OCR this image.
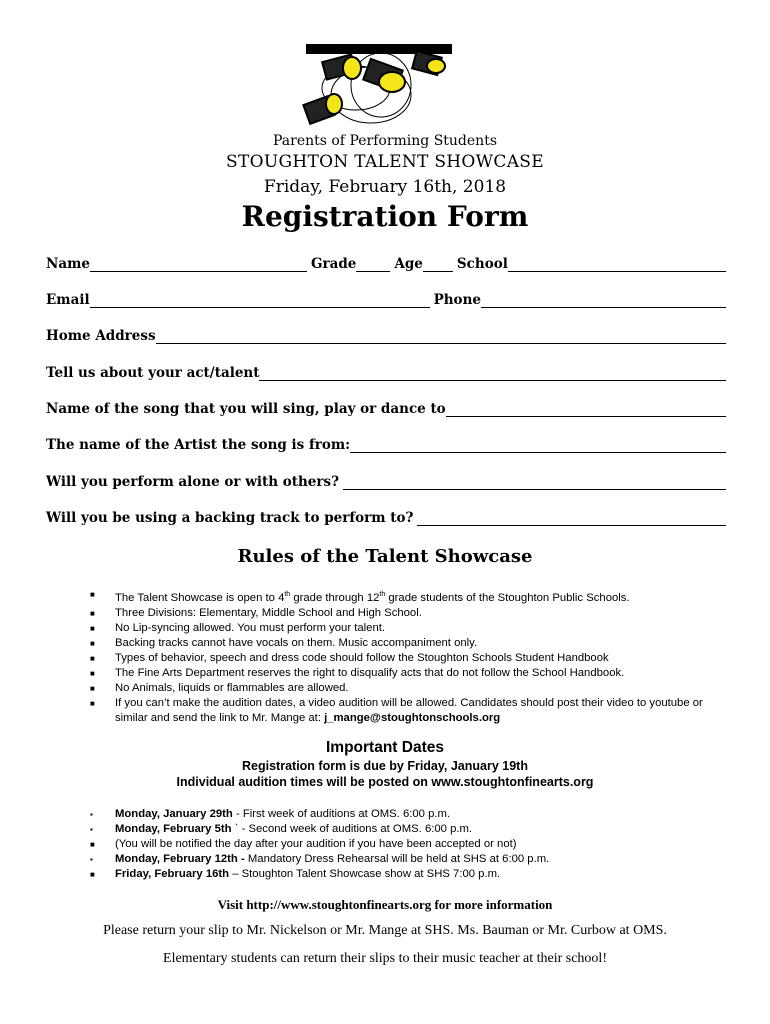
Parents of Performing Students
STOUGHTON TALENT SHOWCASE
Friday, February 16th, 2018
Registration Form
Name	Grade	Age	School
Email	Phone
Home Address
Tell us about your act/talent
Name of the song that you will sing, play or dance to
The name of the Artist the song is from:
Will you perform alone or with others?
Will you be using a backing track to perform to?
Rules of the Talent Showcase
■ The Talent Showcase is open to 4th grade through 12th grade students of the Stoughton Public Schools.
■ Three Divisions: Elementary, Middle School and High School.
■ No Lip-syncing allowed. You must perform your talent.
■ Backing tracks cannot have vocals on them. Music accompaniment only.
■ Types of behavior, speech and dress code should follow the Stoughton Schools Student Handbook
■ The Fine Arts Department reserves the right to disqualify acts that do not follow the School Handbook.
■ No Animals, liquids or flammables are allowed.
■ If you can’t make the audition dates, a video audition will be allowed. Candidates should post their video to youtube or similar and send the link to Mr. Mange at: j_mange@stoughtonschools.org
Important Dates
Registration form is due by Friday, January 19th
Individual audition times will be posted on www.stoughtonfinearts.org
▪ Monday, January 29th - First week of auditions at OMS. 6:00 p.m.
▪ Monday, February 5th ` - Second week of auditions at OMS. 6:00 p.m.
■ (You will be notified the day after your audition if you have been accepted or not)
▪ Monday, February 12th - Mandatory Dress Rehearsal will be held at SHS at 6:00 p.m.
■ Friday, February 16th – Stoughton Talent Showcase show at SHS 7:00 p.m.
Visit http://www.stoughtonfinearts.org for more information
Please return your slip to Mr. Nickelson or Mr. Mange at SHS. Ms. Bauman or Mr. Curbow at OMS.
Elementary students can return their slips to their music teacher at their school!
